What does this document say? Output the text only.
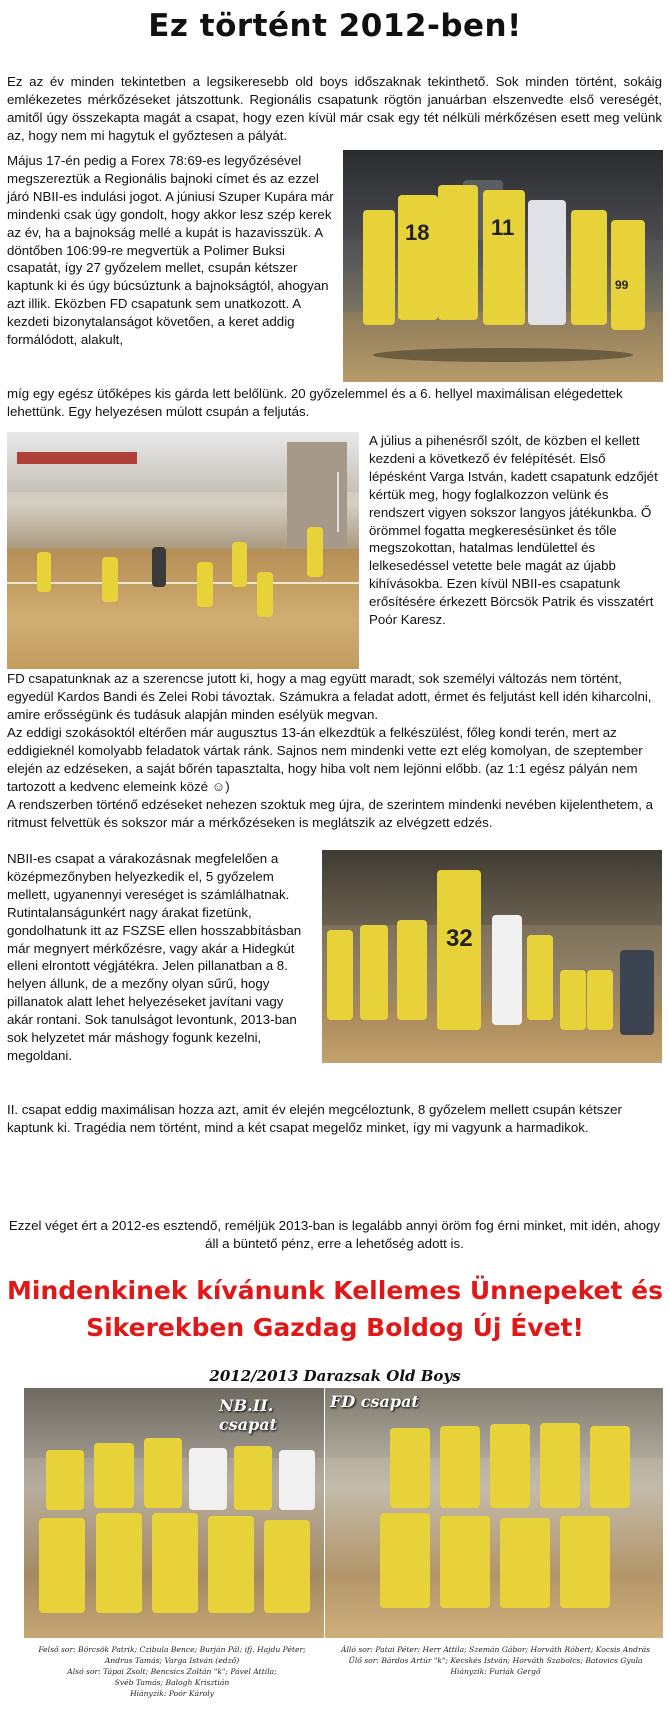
Ez történt 2012-ben!

Ez az év minden tekintetben a legsikeresebb old boys időszaknak tekinthető. Sok minden történt, sokáig emlékezetes mérkőzéseket játszottunk. Regionális csapatunk rögtön januárban elszenvedte első vereségét, amitől úgy összekapta magát a csapat, hogy ezen kívül már csak egy tét nélküli mérkőzésen esett meg velünk az, hogy nem mi hagytuk el győztesen a pályát.

18	11
99

Május 17-én pedig a Forex 78:69-es legyőzésével megszereztük a Regionális bajnoki címet és az ezzel járó NBII-es indulási jogot. A júniusi Szuper Kupára már mindenki csak úgy gondolt, hogy akkor lesz szép kerek az év, ha a bajnokság mellé a kupát is hazavisszük. A döntőben 106:99-re megvertük a Polimer Buksi csapatát, így 27 győzelem mellet, csupán kétszer kaptunk ki és úgy búcsúztunk a bajnokságtól, ahogyan azt illik. Eközben FD csapatunk sem unatkozott. A kezdeti bizonytalanságot követően, a keret addig formálódott, alakult,

míg egy egész ütőképes kis gárda lett belőlünk. 20 győzelemmel és a 6. hellyel maximálisan elégedettek lehettünk. Egy helyezésen múlott csupán a feljutás.

A július a pihenésről szólt, de közben el kellett kezdeni a következő év felépítését. Első lépésként Varga István, kadett csapatunk edzőjét kértük meg, hogy foglalkozzon velünk és rendszert vigyen sokszor langyos játékunkba. Ő örömmel fogatta megkeresésünket és tőle megszokottan, hatalmas lendülettel és lelkesedéssel vetette bele magát az újabb kihívásokba. Ezen kívül NBII-es csapatunk erősítésére érkezett Börcsök Patrik és visszatért Poór Karesz.

FD csapatunknak az a szerencse jutott ki, hogy a mag együtt maradt, sok személyi változás nem történt, egyedül Kardos Bandi és Zelei Robi távoztak. Számukra a feladat adott, érmet és feljutást kell idén kiharcolni, amire erősségünk és tudásuk alapján minden esélyük megvan.

Az eddigi szokásoktól eltérően már augusztus 13-án elkezdtük a felkészülést, főleg kondi terén, mert az eddigieknél komolyabb feladatok vártak ránk. Sajnos nem mindenki vette ezt elég komolyan, de szeptember elején az edzéseken, a saját bőrén tapasztalta, hogy hiba volt nem lejönni előbb. (az 1:1 egész pályán nem tartozott a kedvenc elemeink közé ☺)

A rendszerben történő edzéseket nehezen szoktuk meg újra, de szerintem mindenki nevében kijelenthetem, a ritmust felvettük és sokszor már a mérkőzéseken is meglátszik az elvégzett edzés.

32

NBII-es csapat a várakozásnak megfelelően a középmezőnyben helyezkedik el, 5 győzelem mellett, ugyanennyi vereséget is számlálhatnak. Rutintalanságunkért nagy árakat fizetünk, gondolhatunk itt az FSZSE ellen hosszabbításban már megnyert mérkőzésre, vagy akár a Hidegkút elleni elrontott végjátékra. Jelen pillanatban a 8. helyen állunk, de a mezőny olyan sűrű, hogy pillanatok alatt lehet helyezéseket javítani vagy akár rontani. Sok tanulságot levontunk, 2013-ban sok helyzetet már máshogy fogunk kezelni, megoldani.

II. csapat eddig maximálisan hozza azt, amit év elején megcéloztunk, 8 győzelem mellett csupán kétszer kaptunk ki. Tragédia nem történt, mind a két csapat megelőz minket, így mi vagyunk a harmadikok.

Ezzel véget ért a 2012-es esztendő, reméljük 2013-ban is legalább annyi öröm fog érni minket, mit idén, ahogy áll a büntető pénz, erre a lehetőség adott is.

Mindenkinek kívánunk Kellemes Ünnepeket és

Sikerekben Gazdag Boldog Új Évet!

2012/2013 Darazsak Old Boys
NB.II. csapat
FD csapat
Felső sor: Börcsök Patrik; Czibula Bence; Burján Pál; ifj. Hajdu Péter;
Andrus Tamás; Varga István (edző)
Alsó sor: Tápai Zsolt; Bencsics Zoltán "k"; Pável Attila;
Svéb Tamás; Balogh Krisztián
Hiányzik: Poór Károly
Álló sor: Patai Péter; Herr Attila; Szemán Gábor; Horváth Róbert; Kocsis András
Ülő sor: Bárdos Artúr "k"; Kecskés István; Horváth Szabolcs; Batovics Gyula
Hiányzik: Furiák Gergő
